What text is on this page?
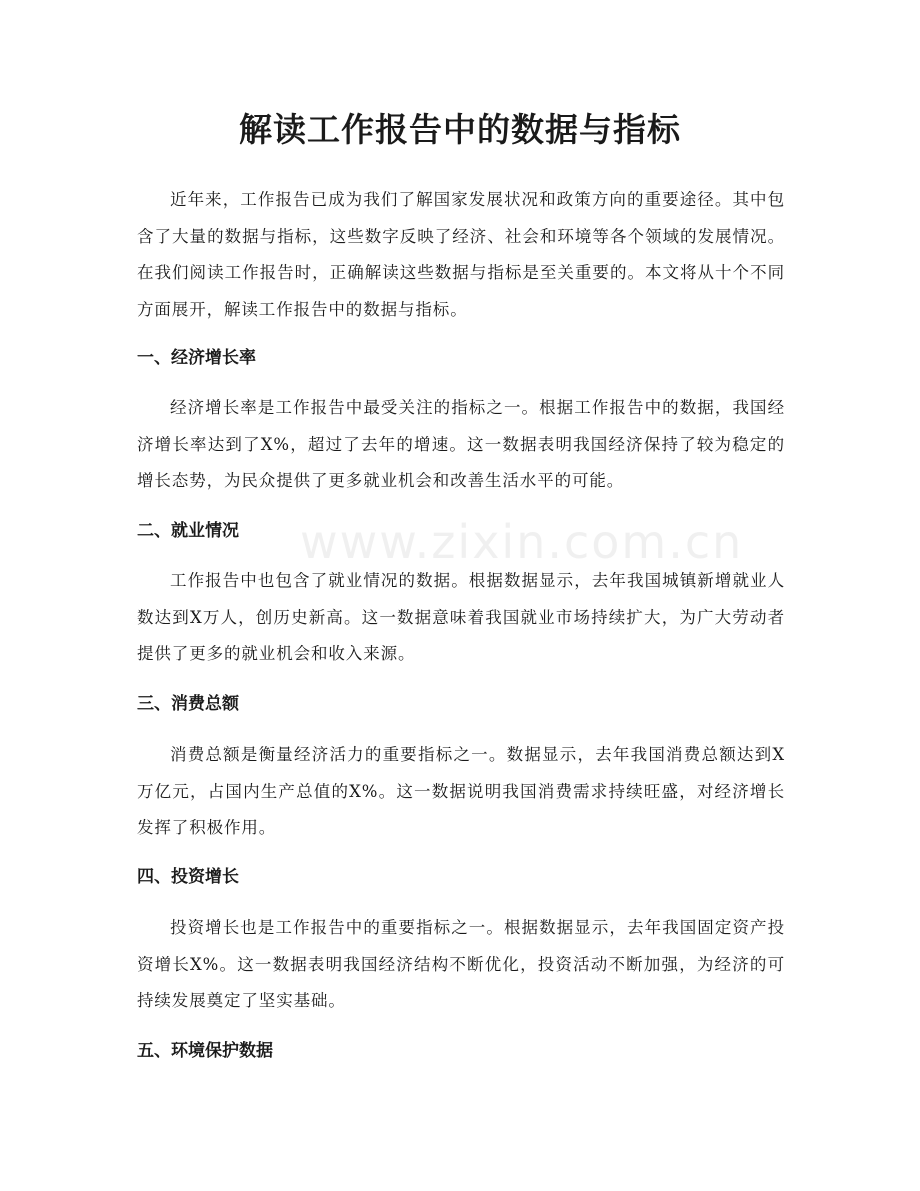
www.zixin.com.cn
解读工作报告中的数据与指标

近年来，工作报告已成为我们了解国家发展状况和政策方向的重要途径。其中包含了大量的数据与指标，这些数字反映了经济、社会和环境等各个领域的发展情况。在我们阅读工作报告时，正确解读这些数据与指标是至关重要的。本文将从十个不同方面展开，解读工作报告中的数据与指标。

一、经济增长率

经济增长率是工作报告中最受关注的指标之一。根据工作报告中的数据，我国经济增长率达到了X%，超过了去年的增速。这一数据表明我国经济保持了较为稳定的增长态势，为民众提供了更多就业机会和改善生活水平的可能。

二、就业情况

工作报告中也包含了就业情况的数据。根据数据显示，去年我国城镇新增就业人数达到X万人，创历史新高。这一数据意味着我国就业市场持续扩大，为广大劳动者提供了更多的就业机会和收入来源。

三、消费总额

消费总额是衡量经济活力的重要指标之一。数据显示，去年我国消费总额达到X万亿元，占国内生产总值的X%。这一数据说明我国消费需求持续旺盛，对经济增长发挥了积极作用。

四、投资增长

投资增长也是工作报告中的重要指标之一。根据数据显示，去年我国固定资产投资增长X%。这一数据表明我国经济结构不断优化，投资活动不断加强，为经济的可持续发展奠定了坚实基础。

五、环境保护数据
